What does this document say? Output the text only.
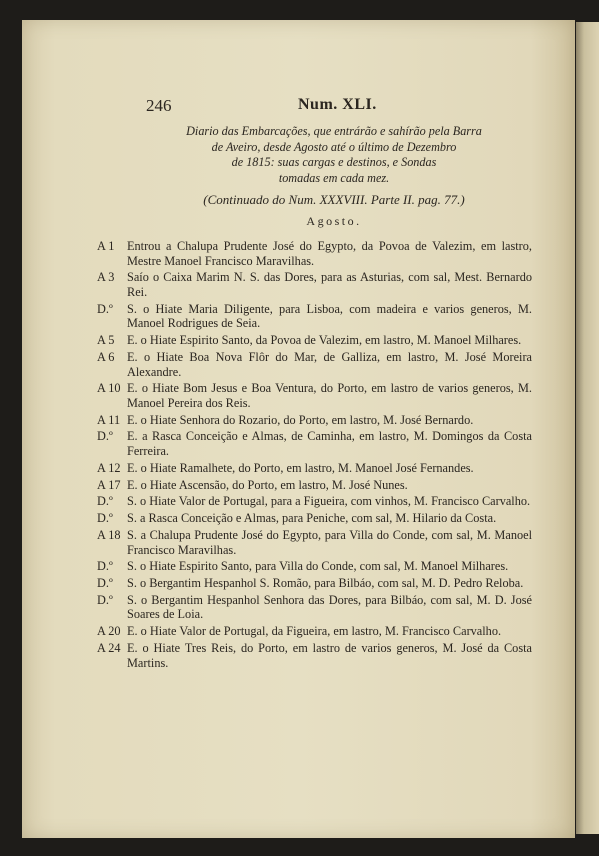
246	Num. XLI.
Diario das Embarcações, que entrárão e sahírão pela Barra
de Aveiro, desde Agosto até o último de Dezembro
de 1815: suas cargas e destinos, e Sondas
tomadas em cada mez.
(Continuado do Num. XXXVIII. Parte II. pag. 77.)
Agosto.
A 1	Entrou a Chalupa Prudente José do Egypto, da Povoa de Valezim, em lastro, Mestre Manoel Francisco Maravilhas.
A 3	Saío o Caixa Marim N. S. das Dores, para as Asturias, com sal, Mest. Bernardo Rei.
D.º	S. o Hiate Maria Diligente, para Lisboa, com madeira e varios generos, M. Manoel Rodrigues de Seia.
A 5	E. o Hiate Espirito Santo, da Povoa de Valezim, em lastro, M. Manoel Milhares.
A 6	E. o Hiate Boa Nova Flôr do Mar, de Galliza, em lastro, M. José Moreira Alexandre.
A 10 E. o Hiate Bom Jesus e Boa Ventura, do Porto, em lastro de varios generos, M. Manoel Pereira dos Reis.
A 11 E. o Hiate Senhora do Rozario, do Porto, em lastro, M. José Bernardo.
D.º	E. a Rasca Conceição e Almas, de Caminha, em lastro, M. Domingos da Costa Ferreira.
A 12 E. o Hiate Ramalhete, do Porto, em lastro, M. Manoel José Fernandes.
A 17 E. o Hiate Ascensão, do Porto, em lastro, M. José Nunes.
D.º	S. o Hiate Valor de Portugal, para a Figueira, com vinhos, M. Francisco Carvalho.
D.º	S. a Rasca Conceição e Almas, para Peniche, com sal, M. Hilario da Costa.
A 18 S. a Chalupa Prudente José do Egypto, para Villa do Conde, com sal, M. Manoel Francisco Maravilhas.
D.º	S. o Hiate Espirito Santo, para Villa do Conde, com sal, M. Manoel Milhares.
D.º	S. o Bergantim Hespanhol S. Romão, para Bilbáo, com sal, M. D. Pedro Reloba.
D.º	S. o Bergantim Hespanhol Senhora das Dores, para Bilbáo, com sal, M. D. José Soares de Loia.
A 20 E. o Hiate Valor de Portugal, da Figueira, em lastro, M. Francisco Carvalho.
A 24 E. o Hiate Tres Reis, do Porto, em lastro de varios generos, M. José da Costa Martins.
